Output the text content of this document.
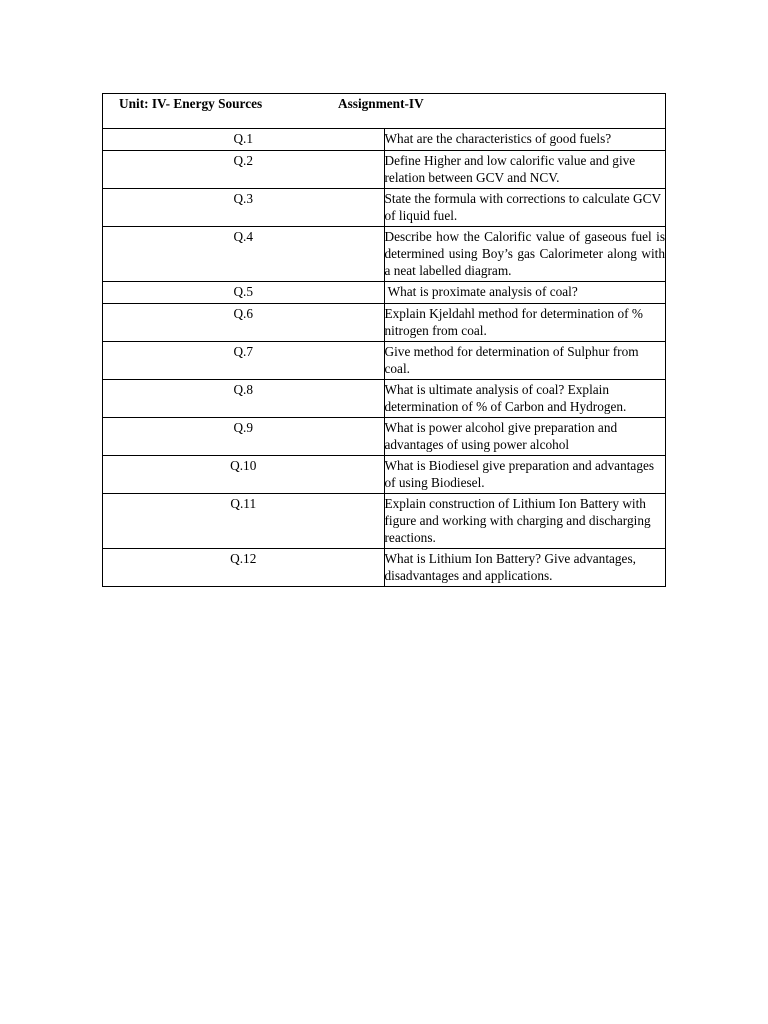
Unit: IV- Energy Sources Assignment-IV	
Q.1	What are the characteristics of good fuels?
Q.2	Define Higher and low calorific value and give relation between GCV and NCV.
Q.3	State the formula with corrections to calculate GCV of liquid fuel.
Q.4	Describe how the Calorific value of gaseous fuel is determined using Boy’s gas Calorimeter along with a neat labelled diagram.
Q.5	What is proximate analysis of coal?
Q.6	Explain Kjeldahl method for determination of % nitrogen from coal.
Q.7	Give method for determination of Sulphur from coal.
Q.8	What is ultimate analysis of coal? Explain determination of % of Carbon and Hydrogen.
Q.9	What is power alcohol give preparation and advantages of using power alcohol
Q.10	What is Biodiesel give preparation and advantages of using Biodiesel.
Q.11	Explain construction of Lithium Ion Battery with figure and working with charging and discharging reactions.
Q.12	What is Lithium Ion Battery? Give advantages, disadvantages and applications.
